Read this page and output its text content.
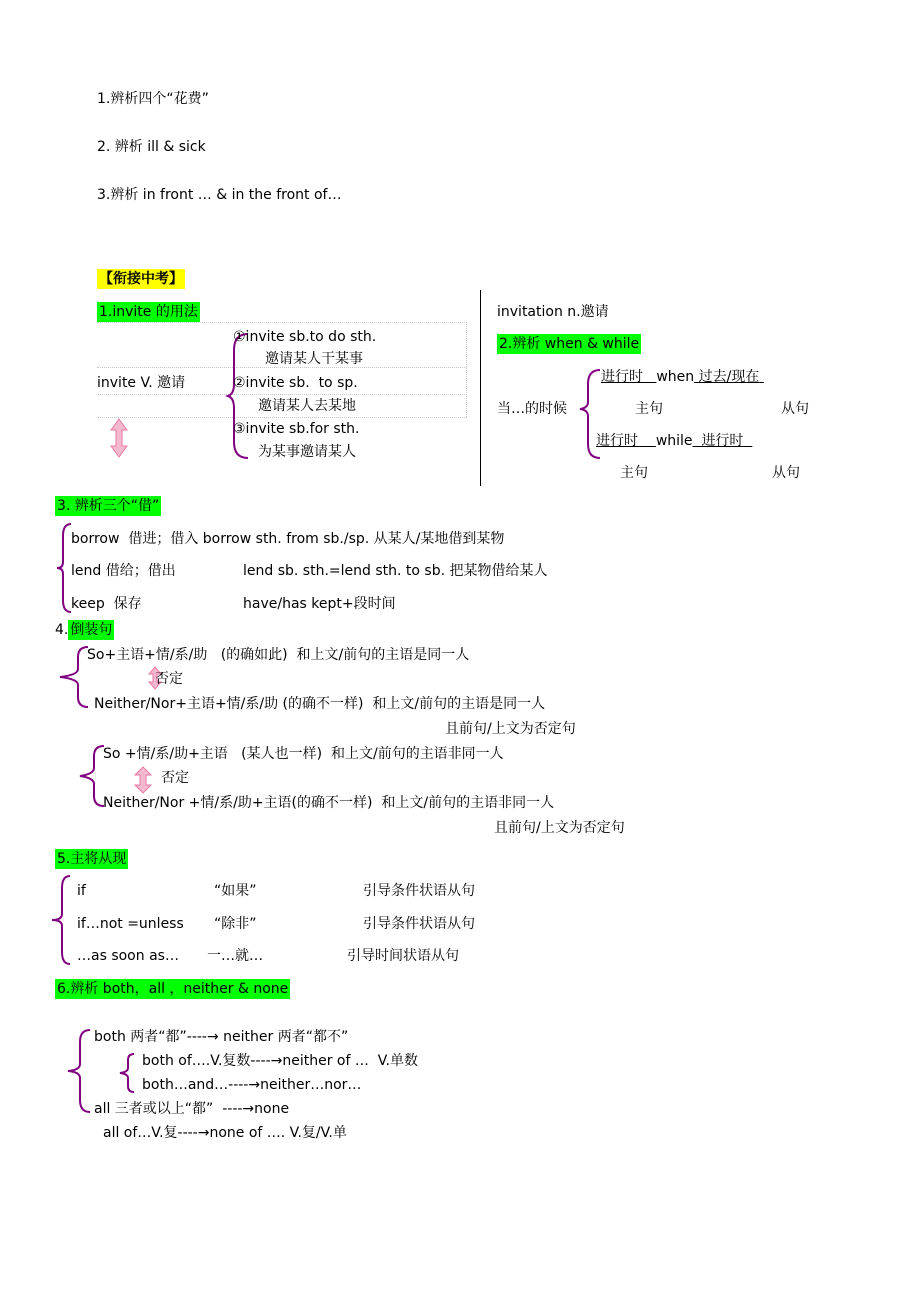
1.辨析四个“花费”
2. 辨析 ill & sick
3.辨析 in front … & in the front of…
【衔接中考】
1.invite 的用法
invite V. 邀请
①invite sb.to do sth.
邀请某人干某事
②invite sb.  to sp.
邀请某人去某地
③invite sb.for sth.
为某事邀请某人
invitation n.邀请
2.辨析 when & while
当…的时候
进行时 when 过去/现在
主句	从句
进行时 while 进行时
主句	从句
3. 辨析三个“借”
borrow  借进；借入 borrow sth. from sb./sp. 从某人/某地借到某物
lend 借给；借出	lend sb. sth.=lend sth. to sb. 把某物借给某人
keep  保存	have/has kept+段时间
4. 倒装句
So+主语+情/系/助   (的确如此)  和上文/前句的主语是同一人
否定
Neither/Nor+主语+情/系/助 (的确不一样)  和上文/前句的主语是同一人
且前句/上文为否定句
So +情/系/助+主语   (某人也一样)  和上文/前句的主语非同一人
否定
Neither/Nor +情/系/助+主语(的确不一样)  和上文/前句的主语非同一人
且前句/上文为否定句
5.主将从现
if	“如果”	引导条件状语从句
if…not =unless “除非”	引导条件状语从句
…as soon as… 一…就…	引导时间状语从句
6.辨析 both，all ，neither & none
both 两者“都”----→ neither 两者“都不”
both of….V.复数----→neither of …  V.单数
both…and…----→neither…nor…
all 三者或以上“都”  ----→none
all of…V.复----→none of …. V.复/V.单
